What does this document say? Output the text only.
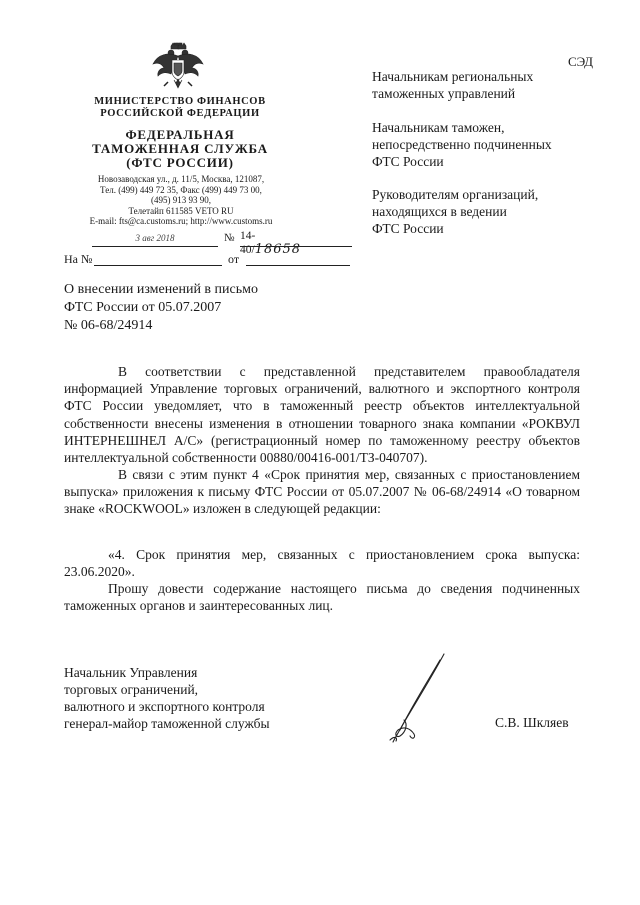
СЭД
МИНИСТЕРСТВО ФИНАНСОВ
РОССИЙСКОЙ ФЕДЕРАЦИИ
ФЕДЕРАЛЬНАЯ
ТАМОЖЕННАЯ СЛУЖБА
(ФТС РОССИИ)
Новозаводская ул., д. 11/5, Москва, 121087,
Тел. (499) 449 72 35, Факс (499) 449 73 00,
(495) 913 93 90,
Телетайп 611585 VETO RU
E-mail: fts@ca.customs.ru; http://www.customs.ru
3 авг 2018	№ 14-40/18658
На №	от
О внесении изменений в письмо
ФТС России от 05.07.2007
№ 06-68/24914
Начальникам региональных
таможенных управлений
Начальникам таможен,
непосредственно подчиненных
ФТС России
Руководителям организаций,
находящихся в ведении
ФТС России
В соответствии с представленной представителем правообладателя информацией Управление торговых ограничений, валютного и экспортного контроля ФТС России уведомляет, что в таможенный реестр объектов интеллектуальной собственности внесены изменения в отношении товарного знака компании «РОКВУЛ ИНТЕРНЕШНЕЛ А/С» (регистрационный номер по таможенному реестру объектов интеллектуальной собственности 00880/00416-001/ТЗ-040707).
В связи с этим пункт 4 «Срок принятия мер, связанных с приостановлением выпуска» приложения к письму ФТС России от 05.07.2007 № 06-68/24914 «О товарном знаке «ROCKWOOL» изложен в следующей редакции:
«4. Срок принятия мер, связанных с приостановлением срока выпуска: 23.06.2020».
Прошу довести содержание настоящего письма до сведения подчиненных таможенных органов и заинтересованных лиц.
Начальник Управления
торговых ограничений,
валютного и экспортного контроля
генерал-майор таможенной службы	С.В. Шкляев
